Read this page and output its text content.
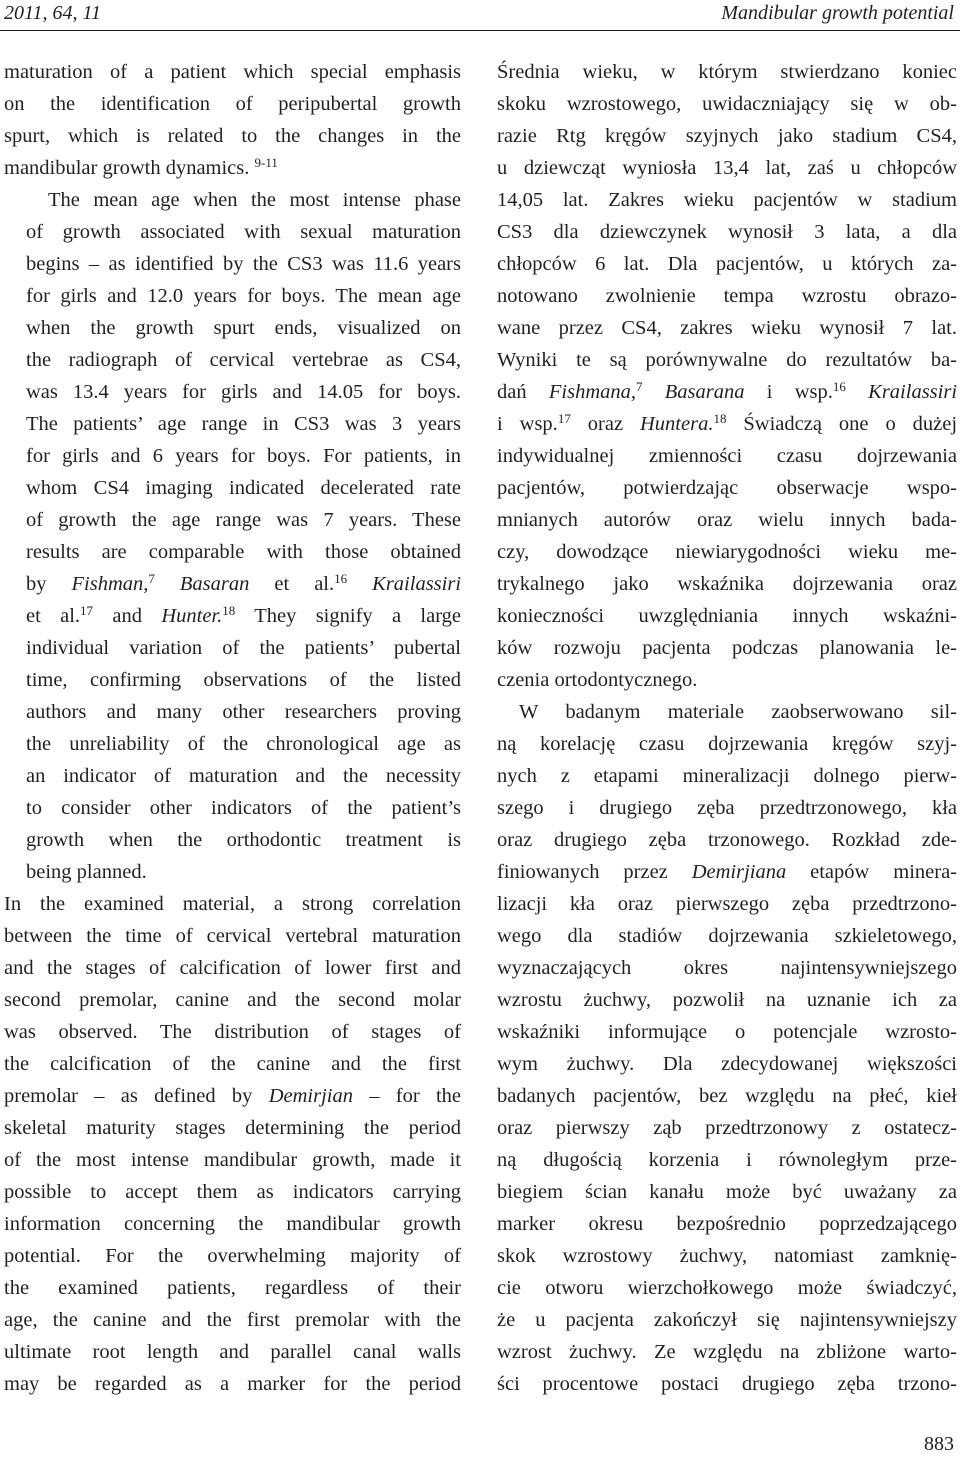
2011, 64, 11	Mandibular growth potential

maturation of a patient which special emphasis
on the identification of peripubertal growth
spurt, which is related to the changes in the
mandibular growth dynamics. $^{9-11}$

The mean age when the most intense phase
of growth associated with sexual maturation
begins – as identified by the CS3 was 11.6 years
for girls and 12.0 years for boys. The mean age
when the growth spurt ends, visualized on
the radiograph of cervical vertebrae as CS4,
was 13.4 years for girls and 14.05 for boys.
The patients’ age range in CS3 was 3 years
for girls and 6 years for boys. For patients, in
whom CS4 imaging indicated decelerated rate
of growth the age range was 7 years. These
results are comparable with those obtained
by Fishman,$^7$ Basaran et al.$^{16}$ Krailassiri
et al.$^{17}$ and Hunter.$^{18}$ They signify a large
individual variation of the patients’ pubertal
time, confirming observations of the listed
authors and many other researchers proving
the unreliability of the chronological age as
an indicator of maturation and the necessity
to consider other indicators of the patient’s
growth when the orthodontic treatment is
being planned.

In the examined material, a strong correlation
between the time of cervical vertebral maturation
and the stages of calcification of lower first and
second premolar, canine and the second molar
was observed. The distribution of stages of
the calcification of the canine and the first
premolar – as defined by Demirjian – for the
skeletal maturity stages determining the period
of the most intense mandibular growth, made it
possible to accept them as indicators carrying
information concerning the mandibular growth
potential. For the overwhelming majority of
the examined patients, regardless of their
age, the canine and the first premolar with the
ultimate root length and parallel canal walls
may be regarded as a marker for the period

Średnia wieku, w którym stwierdzano koniec
skoku wzrostowego, uwidaczniający się w ob-
razie Rtg kręgów szyjnych jako stadium CS4,
u dziewcząt wyniosła 13,4 lat, zaś u chłopców
14,05 lat. Zakres wieku pacjentów w stadium
CS3 dla dziewczynek wynosił 3 lata, a dla
chłopców 6 lat. Dla pacjentów, u których za-
notowano zwolnienie tempa wzrostu obrazo-
wane przez CS4, zakres wieku wynosił 7 lat.
Wyniki te są porównywalne do rezultatów ba-
dań Fishmana,$^7$ Basarana i wsp.$^{16}$ Krailassiri
i wsp.$^{17}$ oraz Huntera.$^{18}$ Świadczą one o dużej
indywidualnej zmienności czasu dojrzewania
pacjentów, potwierdzając obserwacje wspo-
mnianych autorów oraz wielu innych bada-
czy, dowodzące niewiarygodności wieku me-
trykalnego jako wskaźnika dojrzewania oraz
konieczności uwzględniania innych wskaźni-
ków rozwoju pacjenta podczas planowania le-
czenia ortodontycznego.

W badanym materiale zaobserwowano sil-
ną korelację czasu dojrzewania kręgów szyj-
nych z etapami mineralizacji dolnego pierw-
szego i drugiego zęba przedtrzonowego, kła
oraz drugiego zęba trzonowego. Rozkład zde-
finiowanych przez Demirjiana etapów minera-
lizacji kła oraz pierwszego zęba przedtrzono-
wego dla stadiów dojrzewania szkieletowego,
wyznaczających okres najintensywniejszego
wzrostu żuchwy, pozwolił na uznanie ich za
wskaźniki informujące o potencjale wzrosto-
wym żuchwy. Dla zdecydowanej większości
badanych pacjentów, bez względu na płeć, kieł
oraz pierwszy ząb przedtrzonowy z ostatecz-
ną długością korzenia i równoległym prze-
biegiem ścian kanału może być uważany za
marker okresu bezpośrednio poprzedzającego
skok wzrostowy żuchwy, natomiast zamknię-
cie otworu wierzchołkowego może świadczyć,
że u pacjenta zakończył się najintensywniejszy
wzrost żuchwy. Ze względu na zbliżone warto-
ści procentowe postaci drugiego zęba trzono-

883
